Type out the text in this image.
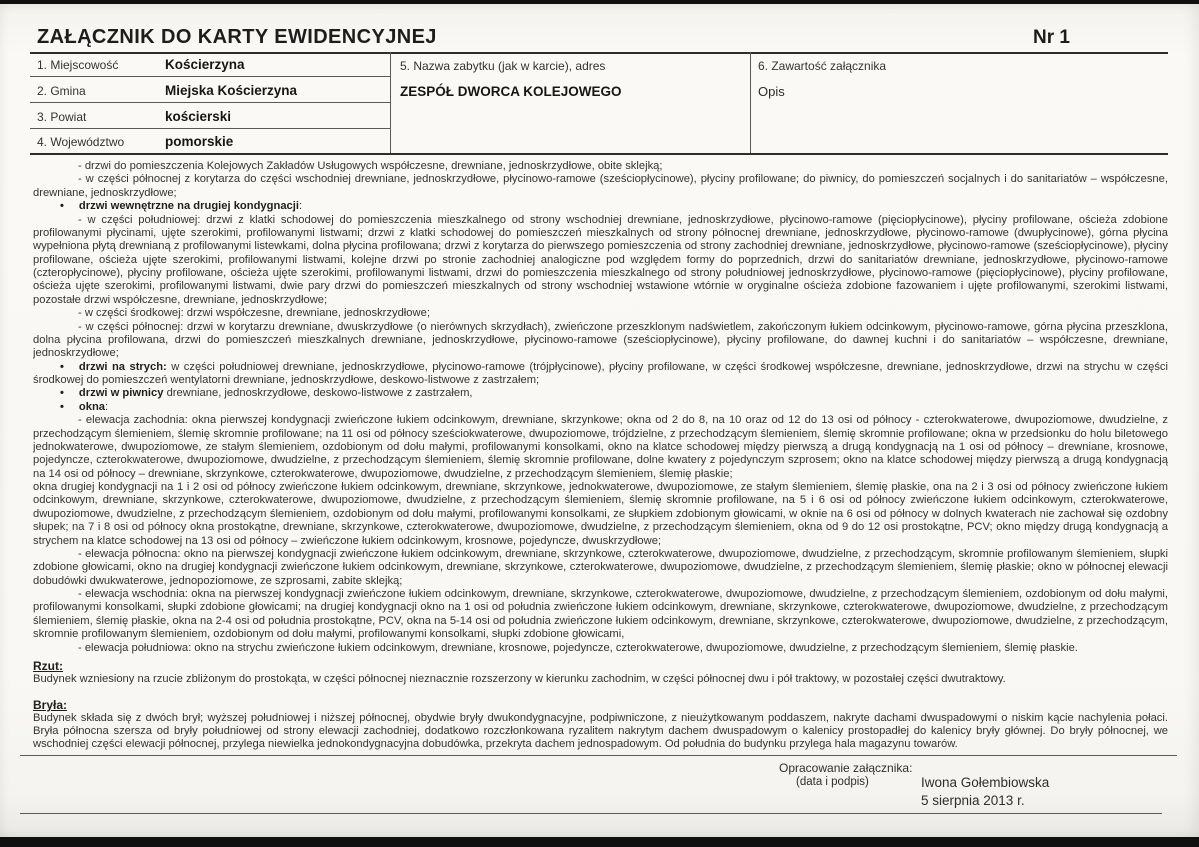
ZAŁĄCZNIK DO KARTY EWIDENCYJNEJ	Nr 1
1. Miejscowość	Kościerzyna
2. Gmina	Miejska Kościerzyna
3. Powiat	kościerski
4. Województwo	pomorskie
5. Nazwa zabytku (jak w karcie), adres
ZESPÓŁ DWORCA KOLEJOWEGO
6. Zawartość załącznika
Opis

- drzwi do pomieszczenia Kolejowych Zakładów Usługowych współczesne, drewniane, jednoskrzydłowe, obite sklejką;

- w części północnej z korytarza do części wschodniej drewniane, jednoskrzydłowe, płycinowo-ramowe (sześciopłycinowe), płyciny profilowane; do piwnicy, do pomieszczeń socjalnych i do sanitariatów – współczesne, drewniane, jednoskrzydłowe;

• drzwi wewnętrzne na drugiej kondygnacji:

- w części południowej: drzwi z klatki schodowej do pomieszczenia mieszkalnego od strony wschodniej drewniane, jednoskrzydłowe, płycinowo-ramowe (pięciopłycinowe), płyciny profilowane, ościeża zdobione profilowanymi płycinami, ujęte szerokimi, profilowanymi listwami; drzwi z klatki schodowej do pomieszczeń mieszkalnych od strony północnej drewniane, jednoskrzydłowe, płycinowo-ramowe (dwupłycinowe), górna płycina wypełniona płytą drewnianą z profilowanymi listewkami, dolna płycina profilowana; drzwi z korytarza do pierwszego pomieszczenia od strony zachodniej drewniane, jednoskrzydłowe, płycinowo-ramowe (sześciopłycinowe), płyciny profilowane, ościeża ujęte szerokimi, profilowanymi listwami, kolejne drzwi po stronie zachodniej analogiczne pod względem formy do poprzednich, drzwi do sanitariatów drewniane, jednoskrzydłowe, płycinowo-ramowe (czteropłycinowe), płyciny profilowane, ościeża ujęte szerokimi, profilowanymi listwami, drzwi do pomieszczenia mieszkalnego od strony południowej jednoskrzydłowe, płycinowo-ramowe (pięciopłycinowe), płyciny profilowane, ościeża ujęte szerokimi, profilowanymi listwami, dwie pary drzwi do pomieszczeń mieszkalnych od strony wschodniej wstawione wtórnie w oryginalne ościeża zdobione fazowaniem i ujęte profilowanymi, szerokimi listwami, pozostałe drzwi współczesne, drewniane, jednoskrzydłowe;

- w części środkowej: drzwi współczesne, drewniane, jednoskrzydłowe;

- w części północnej: drzwi w korytarzu drewniane, dwuskrzydłowe (o nierównych skrzydłach), zwieńczone przeszklonym nadświetlem, zakończonym łukiem odcinkowym, płycinowo-ramowe, górna płycina przeszklona, dolna płycina profilowana, drzwi do pomieszczeń mieszkalnych drewniane, jednoskrzydłowe, płycinowo-ramowe (sześciopłycinowe), płyciny profilowane, do dawnej kuchni i do sanitariatów – współczesne, drewniane, jednoskrzydłowe;

• drzwi na strych: w części południowej drewniane, jednoskrzydłowe, płycinowo-ramowe (trójpłycinowe), płyciny profilowane, w części środkowej współczesne, drewniane, jednoskrzydłowe, drzwi na strychu w części środkowej do pomieszczeń wentylatorni drewniane, jednoskrzydłowe, deskowo-listwowe z zastrzałem;

• drzwi w piwnicy drewniane, jednoskrzydłowe, deskowo-listwowe z zastrzałem,

• okna:

- elewacja zachodnia: okna pierwszej kondygnacji zwieńczone łukiem odcinkowym, drewniane, skrzynkowe; okna od 2 do 8, na 10 oraz od 12 do 13 osi od północy - czterokwaterowe, dwupoziomowe, dwudzielne, z przechodzącym ślemieniem, ślemię skromnie profilowane; na 11 osi od północy sześciokwaterowe, dwupoziomowe, trójdzielne, z przechodzącym ślemieniem, ślemię skromnie profilowane; okna w przedsionku do holu biletowego jednokwaterowe, dwupoziomowe, ze stałym ślemieniem, ozdobionym od dołu małymi, profilowanymi konsolkami, okno na klatce schodowej między pierwszą a drugą kondygnacją na 1 osi od północy – drewniane, krosnowe, pojedyncze, czterokwaterowe, dwupoziomowe, dwudzielne, z przechodzącym ślemieniem, ślemię skromnie profilowane, dolne kwatery z pojedynczym szprosem; okno na klatce schodowej między pierwszą a drugą kondygnacją na 14 osi od północy – drewniane, skrzynkowe, czterokwaterowe, dwupoziomowe, dwudzielne, z przechodzącym ślemieniem, ślemię płaskie;

okna drugiej kondygnacji na 1 i 2 osi od północy zwieńczone łukiem odcinkowym, drewniane, skrzynkowe, jednokwaterowe, dwupoziomowe, ze stałym ślemieniem, ślemię płaskie, ona na 2 i 3 osi od północy zwieńczone łukiem odcinkowym, drewniane, skrzynkowe, czterokwaterowe, dwupoziomowe, dwudzielne, z przechodzącym ślemieniem, ślemię skromnie profilowane, na 5 i 6 osi od północy zwieńczone łukiem odcinkowym, czterokwaterowe, dwupoziomowe, dwudzielne, z przechodzącym ślemieniem, ozdobionym od dołu małymi, profilowanymi konsolkami, ze słupkiem zdobionym głowicami, w oknie na 6 osi od północy w dolnych kwaterach nie zachował się ozdobny słupek; na 7 i 8 osi od północy okna prostokątne, drewniane, skrzynkowe, czterokwaterowe, dwupoziomowe, dwudzielne, z przechodzącym ślemieniem, okna od 9 do 12 osi prostokątne, PCV; okno między drugą kondygnacją a strychem na klatce schodowej na 13 osi od północy – zwieńczone łukiem odcinkowym, krosnowe, pojedyncze, dwuskrzydłowe;

- elewacja północna: okno na pierwszej kondygnacji zwieńczone łukiem odcinkowym, drewniane, skrzynkowe, czterokwaterowe, dwupoziomowe, dwudzielne, z przechodzącym, skromnie profilowanym ślemieniem, słupki zdobione głowicami, okno na drugiej kondygnacji zwieńczone łukiem odcinkowym, drewniane, skrzynkowe, czterokwaterowe, dwupoziomowe, dwudzielne, z przechodzącym ślemieniem, ślemię płaskie; okno w północnej elewacji dobudówki dwukwaterowe, jednopoziomowe, ze szprosami, zabite sklejką;

- elewacja wschodnia: okna na pierwszej kondygnacji zwieńczone łukiem odcinkowym, drewniane, skrzynkowe, czterokwaterowe, dwupoziomowe, dwudzielne, z przechodzącym ślemieniem, ozdobionym od dołu małymi, profilowanymi konsolkami, słupki zdobione głowicami; na drugiej kondygnacji okno na 1 osi od południa zwieńczone łukiem odcinkowym, drewniane, skrzynkowe, czterokwaterowe, dwupoziomowe, dwudzielne, z przechodzącym ślemieniem, ślemię płaskie, okna na 2-4 osi od południa prostokątne, PCV, okna na 5-14 osi od południa zwieńczone łukiem odcinkowym, drewniane, skrzynkowe, czterokwaterowe, dwupoziomowe, dwudzielne, z przechodzącym, skromnie profilowanym ślemieniem, ozdobionym od dołu małymi, profilowanymi konsolkami, słupki zdobione głowicami,

- elewacja południowa: okno na strychu zwieńczone łukiem odcinkowym, drewniane, krosnowe, pojedyncze, czterokwaterowe, dwupoziomowe, dwudzielne, z przechodzącym ślemieniem, ślemię płaskie.

Rzut:
Budynek wzniesiony na rzucie zbliżonym do prostokąta, w części północnej nieznacznie rozszerzony w kierunku zachodnim, w części północnej dwu i pół traktowy, w pozostałej części dwutraktowy.
Bryła:
Budynek składa się z dwóch brył; wyższej południowej i niższej północnej, obydwie bryły dwukondygnacyjne, podpiwniczone, z nieużytkowanym poddaszem, nakryte dachami dwuspadowymi o niskim kącie nachylenia połaci. Bryła północna szersza od bryły południowej od strony elewacji zachodniej, dodatkowo rozczłonkowana ryzalitem nakrytym dachem dwuspadowym o kalenicy prostopadłej do kalenicy bryły głównej. Do bryły północnej, we wschodniej części elewacji północnej, przylega niewielka jednokondygnacyjna dobudówka, przekryta dachem jednospadowym. Od południa do budynku przylega hala magazynu towarów.
Opracowanie załącznika:
(data i podpis)	Iwona Gołembiowska
5 sierpnia 2013 r.
